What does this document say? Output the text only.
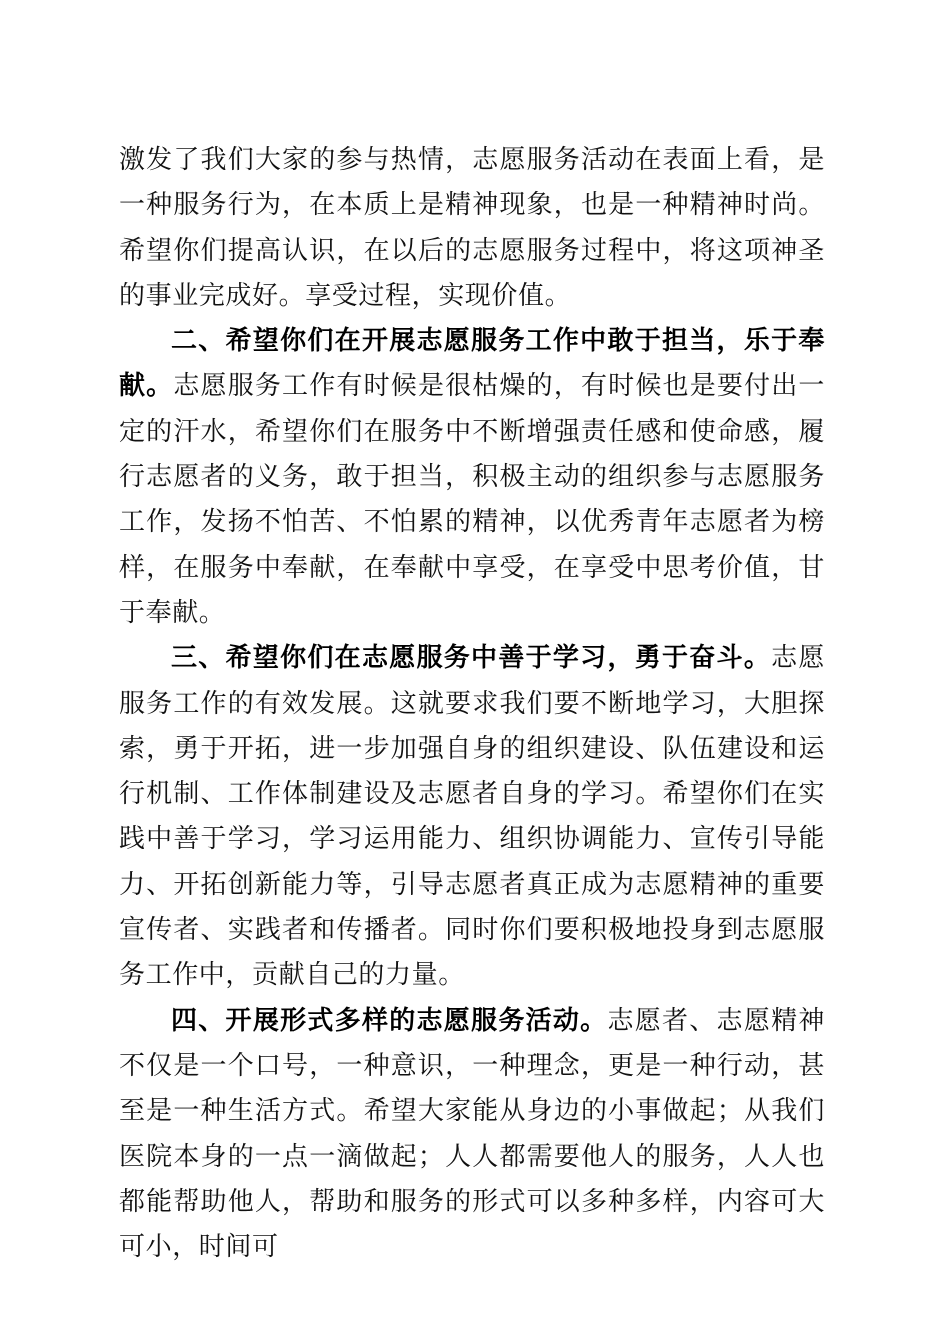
激发了我们大家的参与热情，志愿服务活动在表面上看，是一种服务行为，在本质上是精神现象，也是一种精神时尚。希望你们提高认识，在以后的志愿服务过程中，将这项神圣的事业完成好。享受过程，实现价值。

二、希望你们在开展志愿服务工作中敢于担当，乐于奉献。志愿服务工作有时候是很枯燥的，有时候也是要付出一定的汗水，希望你们在服务中不断增强责任感和使命感，履行志愿者的义务，敢于担当，积极主动的组织参与志愿服务工作，发扬不怕苦、不怕累的精神，以优秀青年志愿者为榜样，在服务中奉献，在奉献中享受，在享受中思考价值，甘于奉献。

三、希望你们在志愿服务中善于学习，勇于奋斗。志愿服务工作的有效发展。这就要求我们要不断地学习，大胆探索，勇于开拓，进一步加强自身的组织建设、队伍建设和运行机制、工作体制建设及志愿者自身的学习。希望你们在实践中善于学习，学习运用能力、组织协调能力、宣传引导能力、开拓创新能力等，引导志愿者真正成为志愿精神的重要宣传者、实践者和传播者。同时你们要积极地投身到志愿服务工作中，贡献自己的力量。

四、开展形式多样的志愿服务活动。志愿者、志愿精神不仅是一个口号，一种意识，一种理念，更是一种行动，甚至是一种生活方式。希望大家能从身边的小事做起；从我们医院本身的一点一滴做起；人人都需要他人的服务，人人也都能帮助他人，帮助和服务的形式可以多种多样，内容可大可小，时间可
